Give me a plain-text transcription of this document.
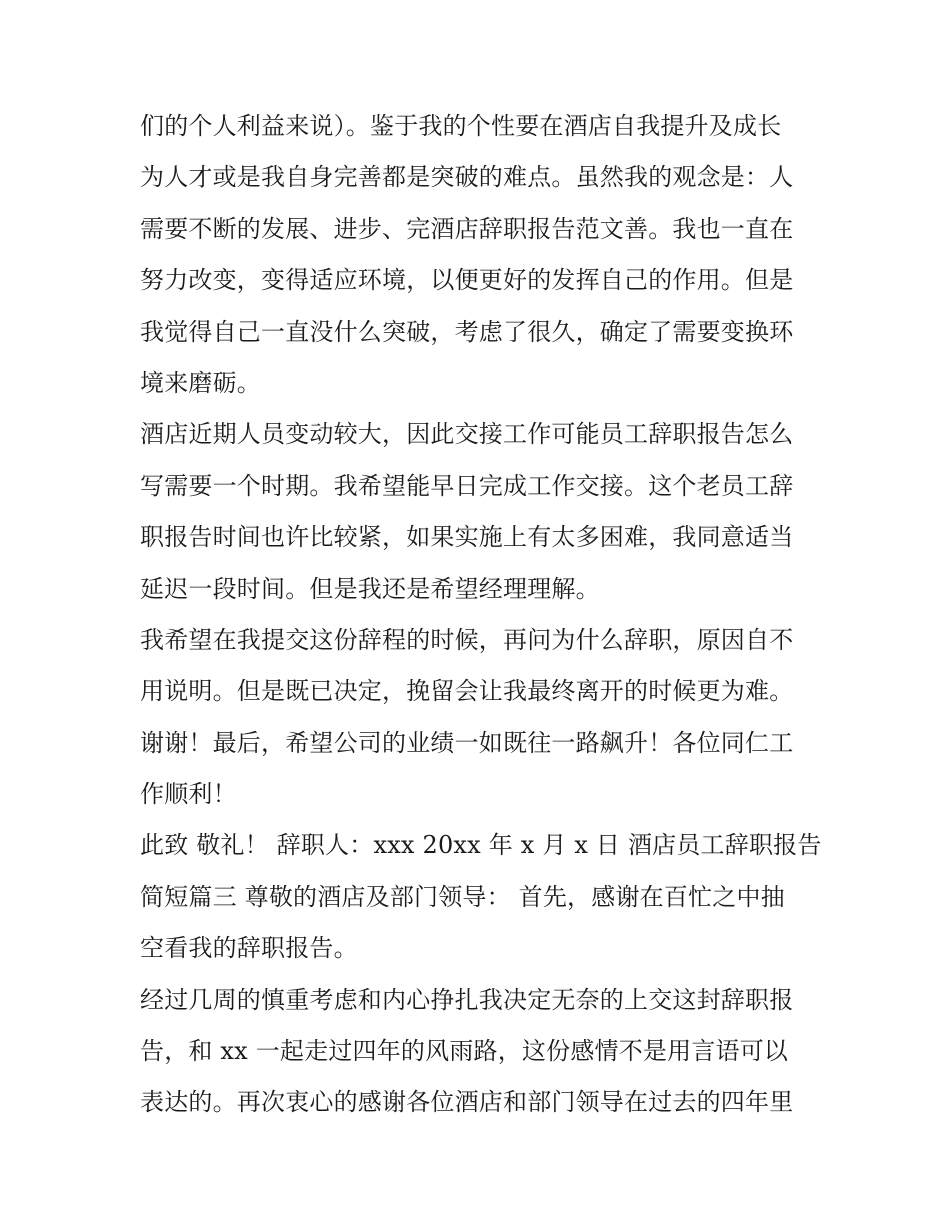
们的个人利益来说）。鉴于我的个性要在酒店自我提升及成长
为人才或是我自身完善都是突破的难点。虽然我的观念是：人
需要不断的发展、进步、完酒店辞职报告范文善。我也一直在
努力改变，变得适应环境，以便更好的发挥自己的作用。但是
我觉得自己一直没什么突破，考虑了很久，确定了需要变换环
境来磨砺。
酒店近期人员变动较大，因此交接工作可能员工辞职报告怎么
写需要一个时期。我希望能早日完成工作交接。这个老员工辞
职报告时间也许比较紧，如果实施上有太多困难，我同意适当
延迟一段时间。但是我还是希望经理理解。
我希望在我提交这份辞程的时候，再问为什么辞职，原因自不
用说明。但是既已决定，挽留会让我最终离开的时候更为难。
谢谢！最后，希望公司的业绩一如既往一路飙升！各位同仁工
作顺利！
此致 敬礼！ 辞职人：xxx 20xx 年 x 月 x 日 酒店员工辞职报告
简短篇三 尊敬的酒店及部门领导： 首先，感谢在百忙之中抽
空看我的辞职报告。
经过几周的慎重考虑和内心挣扎我决定无奈的上交这封辞职报
告，和 xx 一起走过四年的风雨路，这份感情不是用言语可以
表达的。再次衷心的感谢各位酒店和部门领导在过去的四年里
